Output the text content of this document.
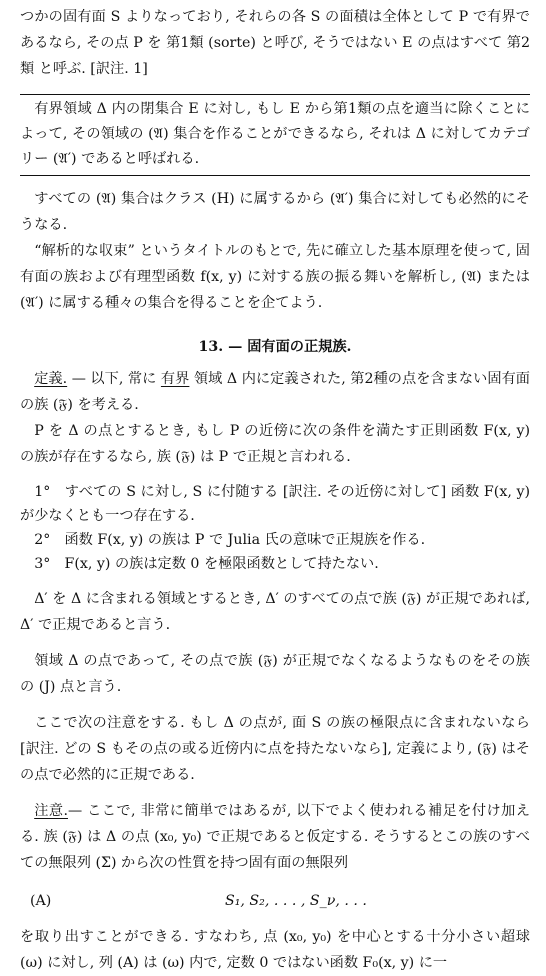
つかの固有面 S よりなっており, それらの各 S の面積は全体として P で有界であるなら, その点 P を 第1類 (sorte) と呼び, そうではない E の点はすべて 第2類 と呼ぶ. [訳注. 1]

有界領域 Δ 内の閉集合 E に対し, もし E から第1類の点を適当に除くことによって, その領域の (𝔄) 集合を作ることができるなら, それは Δ に対してカテゴリー (𝔄′) であると呼ばれる.

すべての (𝔄) 集合はクラス (H) に属するから (𝔄′) 集合に対しても必然的にそうなる.

“解析的な収束” というタイトルのもとで, 先に確立した基本原理を使って, 固有面の族および有理型函数 f(x, y) に対する族の振る舞いを解析し, (𝔄) または (𝔄′) に属する種々の集合を得ることを企てよう.

13. — 固有面の正規族.

定義. — 以下, 常に 有界 領域 Δ 内に定義された, 第2種の点を含まない固有面の族 (𝔉) を考える.

P を Δ の点とするとき, もし P の近傍に次の条件を満たす正則函数 F(x, y) の族が存在するなら, 族 (𝔉) は P で正規と言われる.

1°　すべての S に対し, S に付随する [訳注. その近傍に対して] 函数 F(x, y) が少なくとも一つ存在する.

2°　函数 F(x, y) の族は P で Julia 氏の意味で正規族を作る.

3°　F(x, y) の族は定数 0 を極限函数として持たない.

Δ′ を Δ に含まれる領域とするとき, Δ′ のすべての点で族 (𝔉) が正規であれば, Δ′ で正規であると言う.

領域 Δ の点であって, その点で族 (𝔉) が正規でなくなるようなものをその族の (J) 点と言う.

ここで次の注意をする. もし Δ の点が, 面 S の族の極限点に含まれないなら [訳注. どの S もその点の或る近傍内に点を持たないなら], 定義により, (𝔉) はその点で必然的に正規である.

注意.— ここで, 非常に簡単ではあるが, 以下でよく使われる補足を付け加える. 族 (𝔉) は Δ の点 (x₀, y₀) で正規であると仮定する. そうするとこの族のすべての無限列 (Σ) から次の性質を持つ固有面の無限列

(A)	S₁, S₂, . . . , S_ν, . . .

を取り出すことができる. すなわち, 点 (x₀, y₀) を中心とする十分小さい超球 (ω) に対し, 列 (A) は (ω) 内で, 定数 0 ではない函数 F₀(x, y) に一
